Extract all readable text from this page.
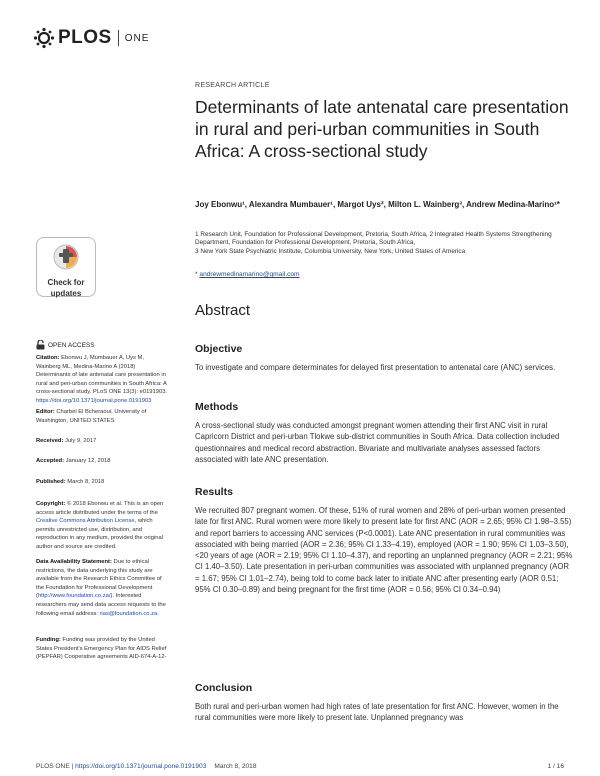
PLOS ONE
Check for
updates
OPEN ACCESS
Citation: Ebonwu J, Mumbauer A, Uys M, Wainberg ML, Medina-Marino A (2018) Determinants of late antenatal care presentation in rural and peri-urban communities in South Africa: A cross-sectional study. PLoS ONE 13(3): e0191903. https://doi.org/10.1371/journal.pone.0191903
Editor: Charbel El Bcheraoui, University of Washington, UNITED STATES
Received: July 9, 2017
Accepted: January 12, 2018
Published: March 8, 2018
Copyright: © 2018 Ebonwu et al. This is an open access article distributed under the terms of the Creative Commons Attribution License, which permits unrestricted use, distribution, and reproduction in any medium, provided the original author and source are credited.
Data Availability Statement: Due to ethical restrictions, the data underlying this study are available from the Research Ethics Committee of the Foundation for Professional Development (http://www.foundation.co.za/). Interested researchers may send data access requests to the following email address: rias@foundation.co.za.
Funding: Funding was provided by the United States President's Emergency Plan for AIDS Relief (PEPFAR) Cooperative agreements AID-674-A-12-
RESEARCH ARTICLE
Determinants of late antenatal care presentation in rural and peri-urban communities in South Africa: A cross-sectional study
Joy Ebonwu¹, Alexandra Mumbauer¹, Margot Uys², Milton L. Wainberg³, Andrew Medina-Marino¹*
1 Research Unit, Foundation for Professional Development, Pretoria, South Africa, 2 Integrated Health Systems Strengthening Department, Foundation for Professional Development, Pretoria, South Africa,
3 New York State Psychiatric Institute, Columbia University, New York, United States of America
* andrewmedinamarino@gmail.com
Abstract
Objective
To investigate and compare determinates for delayed first presentation to antenatal care (ANC) services.
Methods
A cross-sectional study was conducted amongst pregnant women attending their first ANC visit in rural Capricorn District and peri-urban Tlokwe sub-district communities in South Africa. Data collection included questionnaires and medical record abstraction. Bivariate and multivariate analyses assessed factors associated with late ANC presentation.
Results
We recruited 807 pregnant women. Of these, 51% of rural women and 28% of peri-urban women presented late for first ANC. Rural women were more likely to present late for first ANC (AOR = 2.65; 95% CI 1.98–3.55) and report barriers to accessing ANC services (P<0.0001). Late ANC presentation in rural communities was associated with being married (AOR = 2.36; 95% CI 1.33–4.19), employed (AOR = 1.90; 95% CI 1.03–3.50), <20 years of age (AOR = 2.19; 95% CI 1.10–4.37), and reporting an unplanned pregnancy (AOR = 2.21; 95% CI 1.40–3.50). Late presentation in peri-urban communities was associated with unplanned pregnancy (AOR = 1.67; 95% CI 1.01–2.74), being told to come back later to initiate ANC after presenting early (AOR 0.51; 95% CI 0.30–0.89) and being pregnant for the first time (AOR = 0.56; 95% CI 0.34–0.94)
Conclusion
Both rural and peri-urban women had high rates of late presentation for first ANC. However, women in the rural communities were more likely to present late. Unplanned pregnancy was
PLOS ONE | https://doi.org/10.1371/journal.pone.0191903 March 8, 2018	1 / 16
